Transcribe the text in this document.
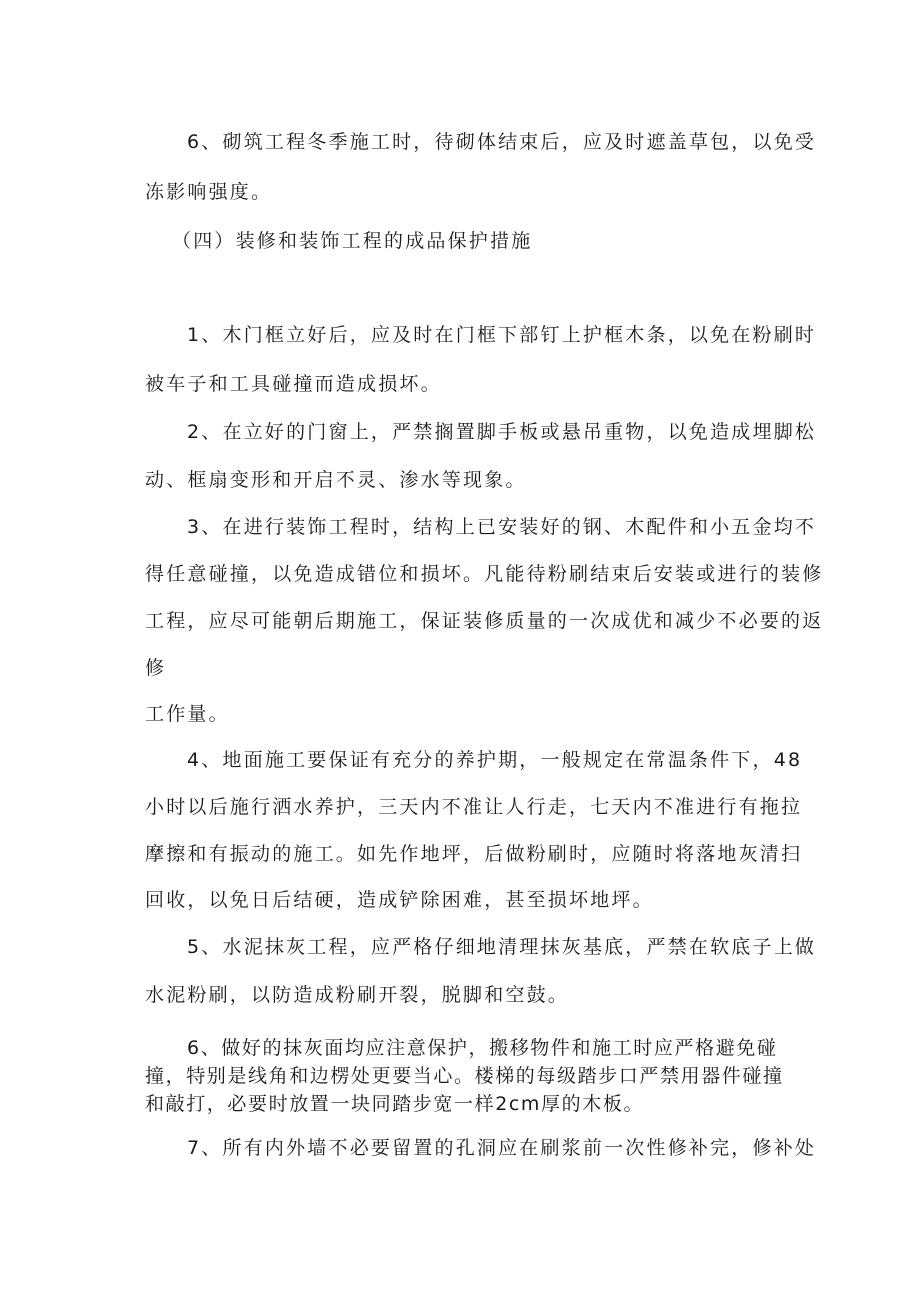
6、砌筑工程冬季施工时，待砌体结束后，应及时遮盖草包，以免受
冻影响强度。
（四）装修和装饰工程的成品保护措施
1、木门框立好后，应及时在门框下部钉上护框木条，以免在粉刷时
被车子和工具碰撞而造成损坏。
2、在立好的门窗上，严禁搁置脚手板或悬吊重物，以免造成埋脚松
动、框扇变形和开启不灵、渗水等现象。
3、在进行装饰工程时，结构上已安装好的钢、木配件和小五金均不
得任意碰撞，以免造成错位和损坏。凡能待粉刷结束后安装或进行的装修
工程，应尽可能朝后期施工，保证装修质量的一次成优和减少不必要的返
修
工作量。
4、地面施工要保证有充分的养护期，一般规定在常温条件下，48
小时以后施行洒水养护，三天内不准让人行走，七天内不准进行有拖拉
摩擦和有振动的施工。如先作地坪，后做粉刷时，应随时将落地灰清扫
回收，以免日后结硬，造成铲除困难，甚至损坏地坪。
5、水泥抹灰工程，应严格仔细地清理抹灰基底，严禁在软底子上做
水泥粉刷，以防造成粉刷开裂，脱脚和空鼓。
6、做好的抹灰面均应注意保护，搬移物件和施工时应严格避免碰
撞，特别是线角和边楞处更要当心。楼梯的每级踏步口严禁用器件碰撞
和敲打，必要时放置一块同踏步宽一样2cm厚的木板。
7、所有内外墙不必要留置的孔洞应在刷浆前一次性修补完，修补处
